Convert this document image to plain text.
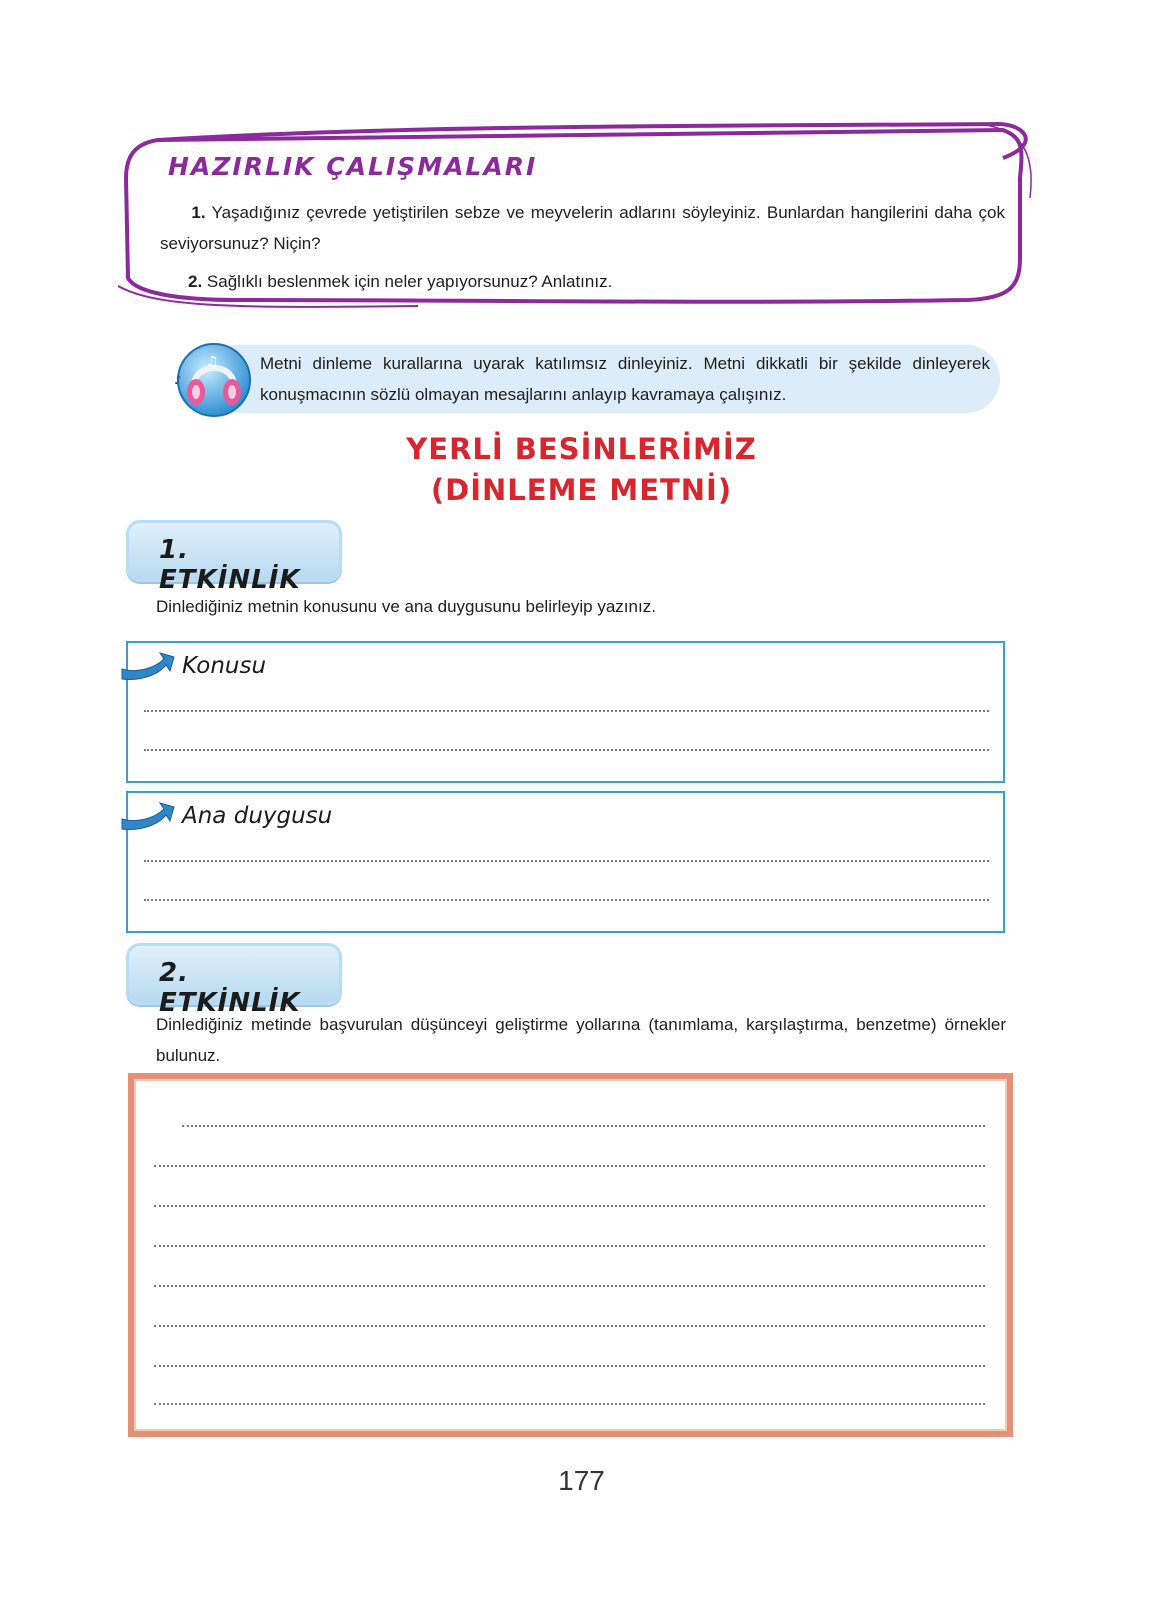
HAZIRLIK ÇALIŞMALARI
1. Yaşadığınız çevrede yetiştirilen sebze ve meyvelerin adlarını söyleyiniz. Bunlardan hangilerini daha çok seviyorsunuz? Niçin?
2. Sağlıklı beslenmek için neler yapıyorsunuz? Anlatınız.
♫
♪
Metni dinleme kurallarına uyarak katılımsız dinleyiniz. Metni dikkatli bir şekilde dinleyerek konuşmacının sözlü olmayan mesajlarını anlayıp kavramaya çalışınız.
YERLİ BESİNLERİMİZ
(DİNLEME METNİ)
1. ETKİNLİK
Dinlediğiniz metnin konusunu ve ana duygusunu belirleyip yazınız.
Konusu
Ana duygusu
2. ETKİNLİK
Dinlediğiniz metinde başvurulan düşünceyi geliştirme yollarına (tanımlama, karşılaştırma, benzetme) örnekler bulunuz.
177
